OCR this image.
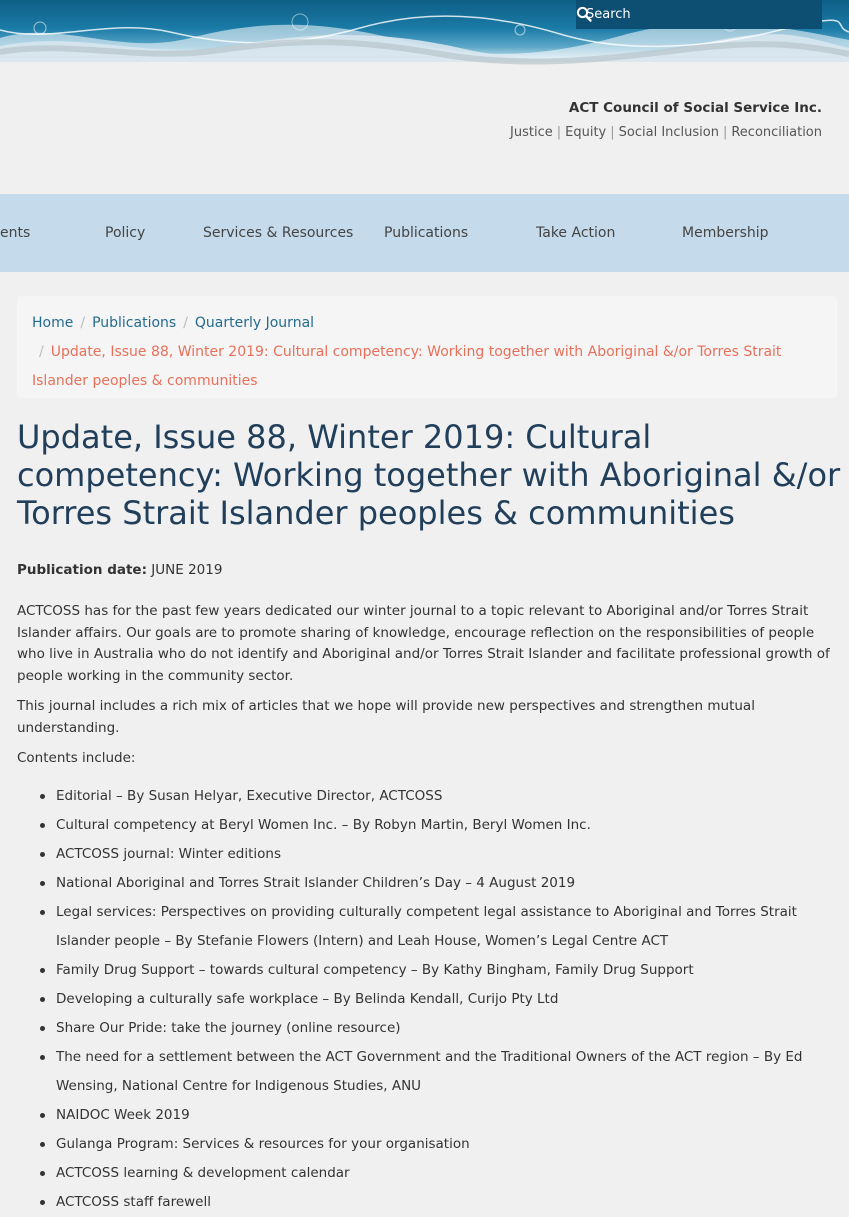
Search
ACT Council of Social Service Inc.
Justice | Equity | Social Inclusion | Reconciliation
ents	Policy	Services & Resources Publications	Take Action	Membership
Home / Publications / Quarterly Journal
/ Update, Issue 88, Winter 2019: Cultural competency: Working together with Aboriginal &/or Torres Strait Islander peoples & communities
Update, Issue 88, Winter 2019: Cultural competency: Working together with Aboriginal &/or Torres Strait Islander peoples & communities
Publication date: JUNE 2019

ACTCOSS has for the past few years dedicated our winter journal to a topic relevant to Aboriginal and/or Torres Strait Islander affairs. Our goals are to promote sharing of knowledge, encourage reflection on the responsibilities of people who live in Australia who do not identify and Aboriginal and/or Torres Strait Islander and facilitate professional growth of people working in the community sector.

This journal includes a rich mix of articles that we hope will provide new perspectives and strengthen mutual understanding.

Contents include:

Editorial – By Susan Helyar, Executive Director, ACTCOSS
Cultural competency at Beryl Women Inc. – By Robyn Martin, Beryl Women Inc.
ACTCOSS journal: Winter editions
National Aboriginal and Torres Strait Islander Children’s Day – 4 August 2019
Legal services: Perspectives on providing culturally competent legal assistance to Aboriginal and Torres Strait Islander people – By Stefanie Flowers (Intern) and Leah House, Women’s Legal Centre ACT
Family Drug Support – towards cultural competency – By Kathy Bingham, Family Drug Support
Developing a culturally safe workplace – By Belinda Kendall, Curijo Pty Ltd
Share Our Pride: take the journey (online resource)
The need for a settlement between the ACT Government and the Traditional Owners of the ACT region – By Ed Wensing, National Centre for Indigenous Studies, ANU
NAIDOC Week 2019
Gulanga Program: Services & resources for your organisation
ACTCOSS learning & development calendar
ACTCOSS staff farewell
